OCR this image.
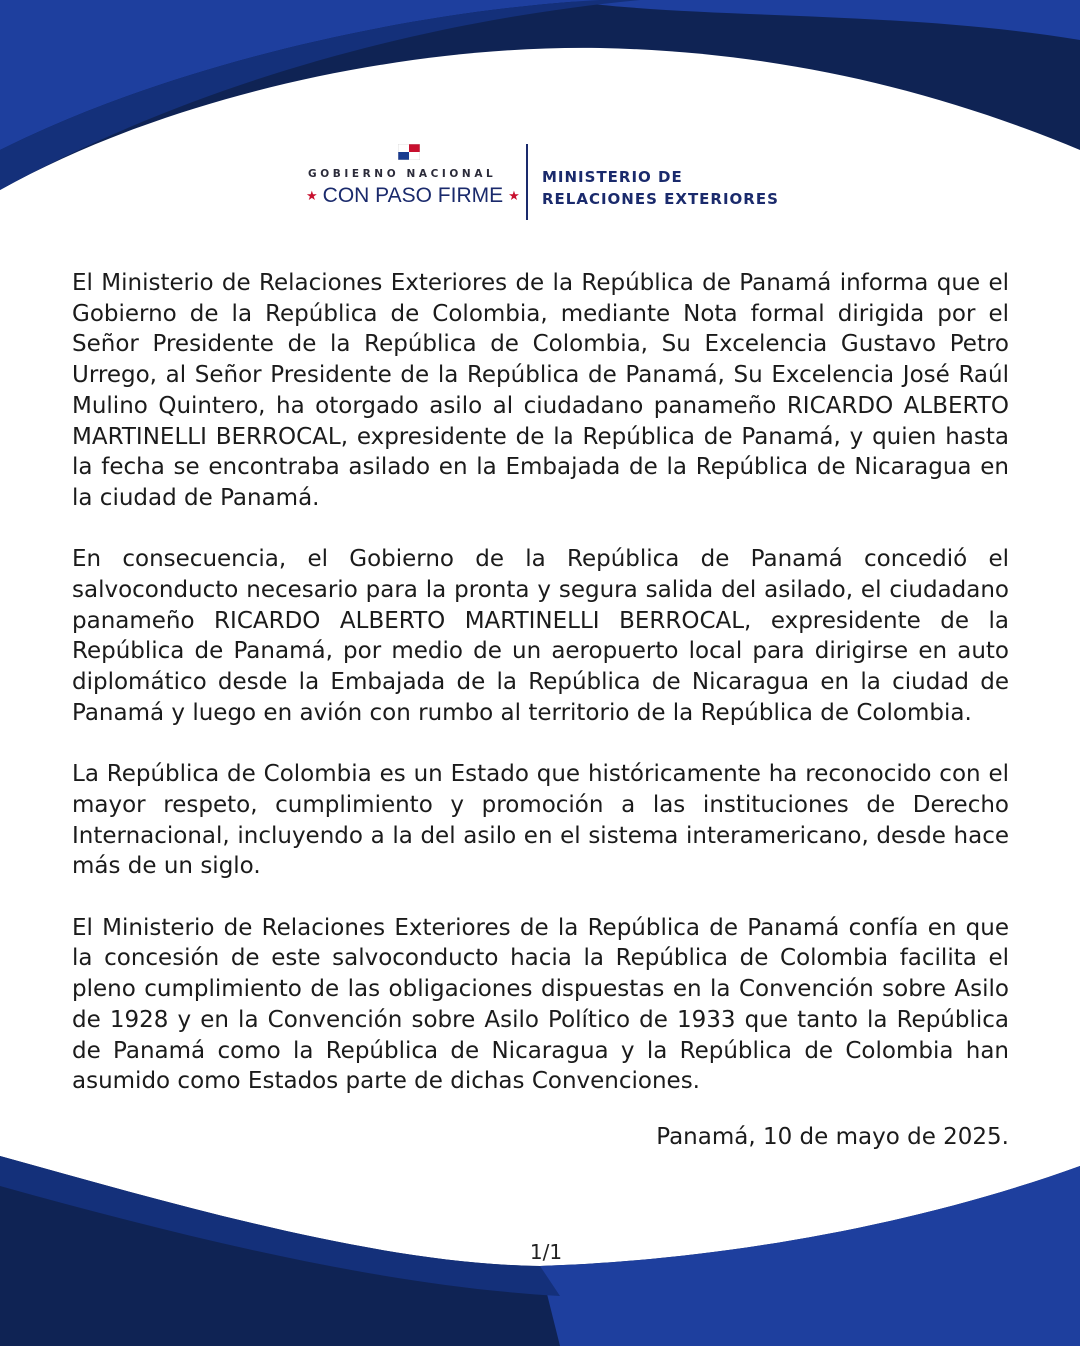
GOBIERNO NACIONAL
★ CON PASO FIRME ★
MINISTERIO DE
RELACIONES EXTERIORES

El Ministerio de Relaciones Exteriores de la República de Panamá informa que el Gobierno de la República de Colombia, mediante Nota formal dirigida por el Señor Presidente de la República de Colombia, Su Excelencia Gustavo Petro Urrego, al Señor Presidente de la República de Panamá, Su Excelencia José Raúl Mulino Quintero, ha otorgado asilo al ciudadano panameño RICARDO ALBERTO MARTINELLI BERROCAL, expresidente de la República de Panamá, y quien hasta la fecha se encontraba asilado en la Embajada de la República de Nicaragua en la ciudad de Panamá.

En consecuencia, el Gobierno de la República de Panamá concedió el salvoconducto necesario para la pronta y segura salida del asilado, el ciudadano panameño RICARDO ALBERTO MARTINELLI BERROCAL, expresidente de la República de Panamá, por medio de un aeropuerto local para dirigirse en auto diplomático desde la Embajada de la República de Nicaragua en la ciudad de Panamá y luego en avión con rumbo al territorio de la República de Colombia.

La República de Colombia es un Estado que históricamente ha reconocido con el mayor respeto, cumplimiento y promoción a las instituciones de Derecho Internacional, incluyendo a la del asilo en el sistema interamericano, desde hace más de un siglo.

El Ministerio de Relaciones Exteriores de la República de Panamá confía en que la concesión de este salvoconducto hacia la República de Colombia facilita el pleno cumplimiento de las obligaciones dispuestas en la Convención sobre Asilo de 1928 y en la Convención sobre Asilo Político de 1933 que tanto la República de Panamá como la República de Nicaragua y la República de Colombia han asumido como Estados parte de dichas Convenciones.

Panamá, 10 de mayo de 2025.

1/1
